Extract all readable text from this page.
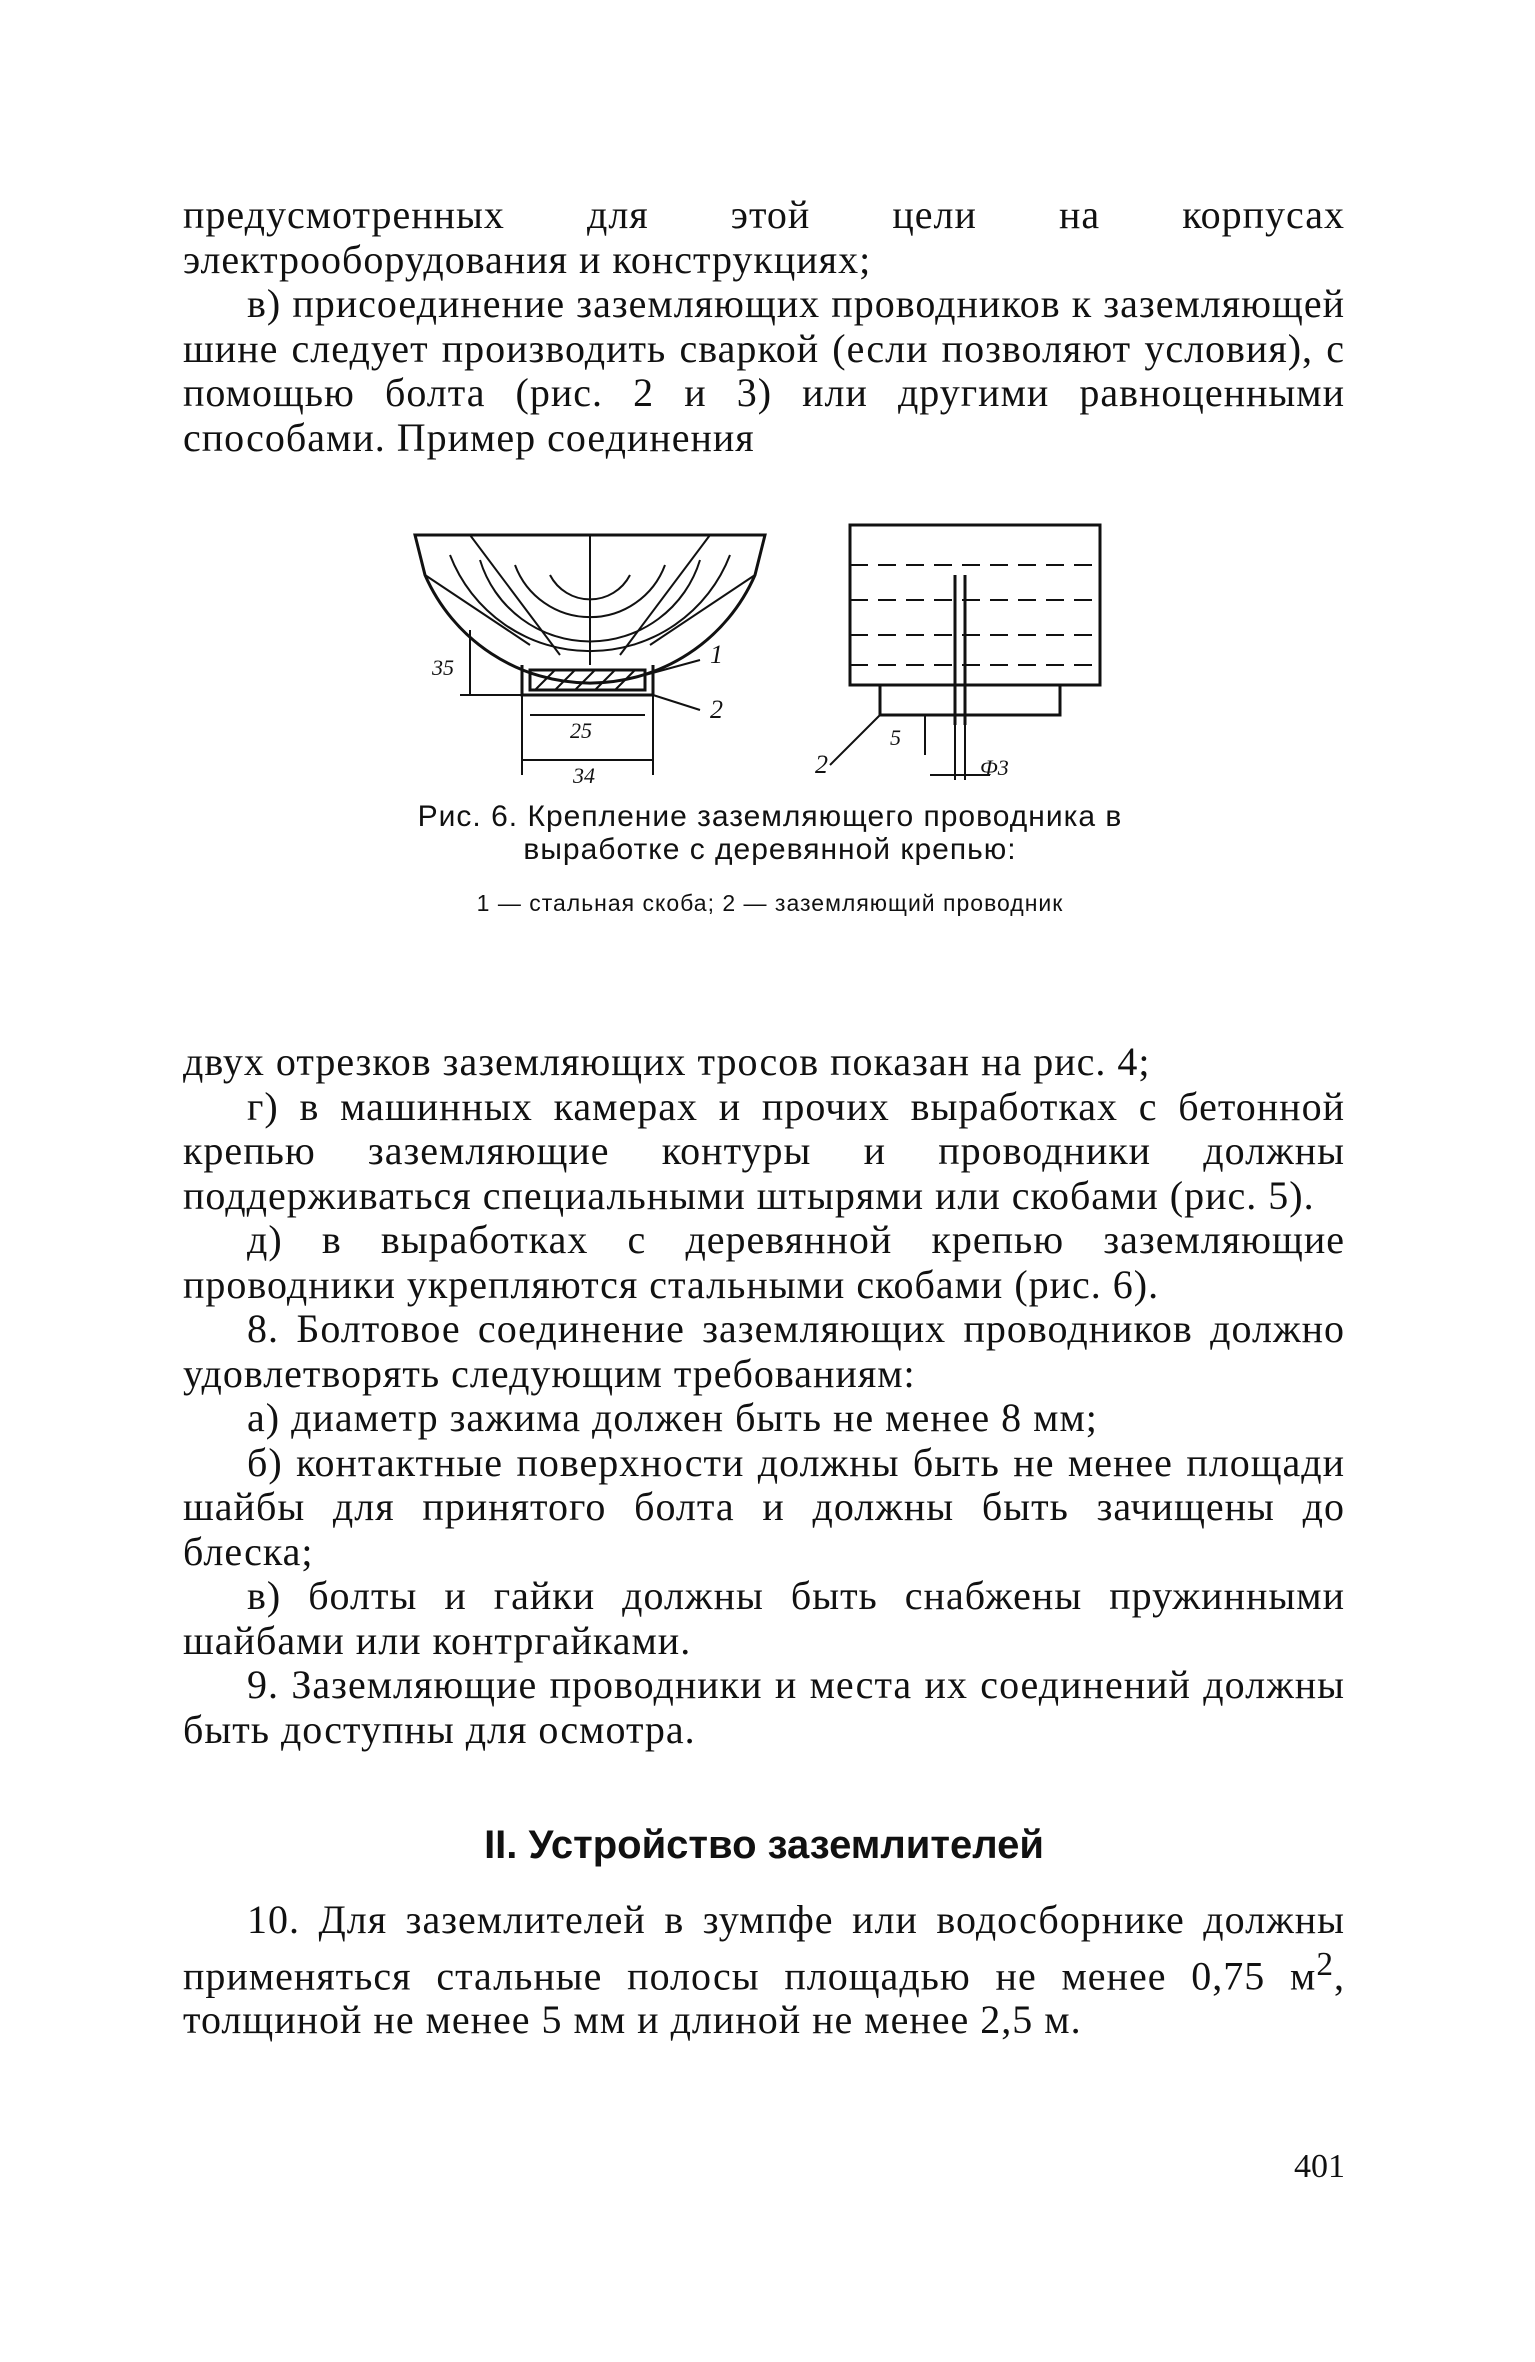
предусмотренных для этой цели на корпусах электрооборудования и конструкциях;

в) присоединение заземляющих проводников к заземляющей шине следует производить сваркой (если позволяют условия), с помощью болта (рис. 2 и 3) или другими равноценными способами. Пример соединения

1
2
2
35
25
34
5
Ф3
Рис. 6. Крепление заземляющего проводника в выработке с деревянной крепью:
1 — стальная скоба; 2 — заземляющий проводник

двух отрезков заземляющих тросов показан на рис. 4;

г) в машинных камерах и прочих выработках с бетонной крепью заземляющие контуры и проводники должны поддерживаться специальными штырями или скобами (рис. 5).

д) в выработках с деревянной крепью заземляющие проводники укрепляются стальными скобами (рис. 6).

8. Болтовое соединение заземляющих проводников должно удовлетворять следующим требованиям:

а) диаметр зажима должен быть не менее 8 мм;

б) контактные поверхности должны быть не менее площади шайбы для принятого болта и должны быть зачищены до блеска;

в) болты и гайки должны быть снабжены пружинными шайбами или контргайками.

9. Заземляющие проводники и места их соединений должны быть доступны для осмотра.

II. Устройство заземлителей

10. Для заземлителей в зумпфе или водосборнике должны применяться стальные полосы площадью не менее 0,75 $м^2$, толщиной не менее 5 мм и длиной не менее 2,5 м.

401
